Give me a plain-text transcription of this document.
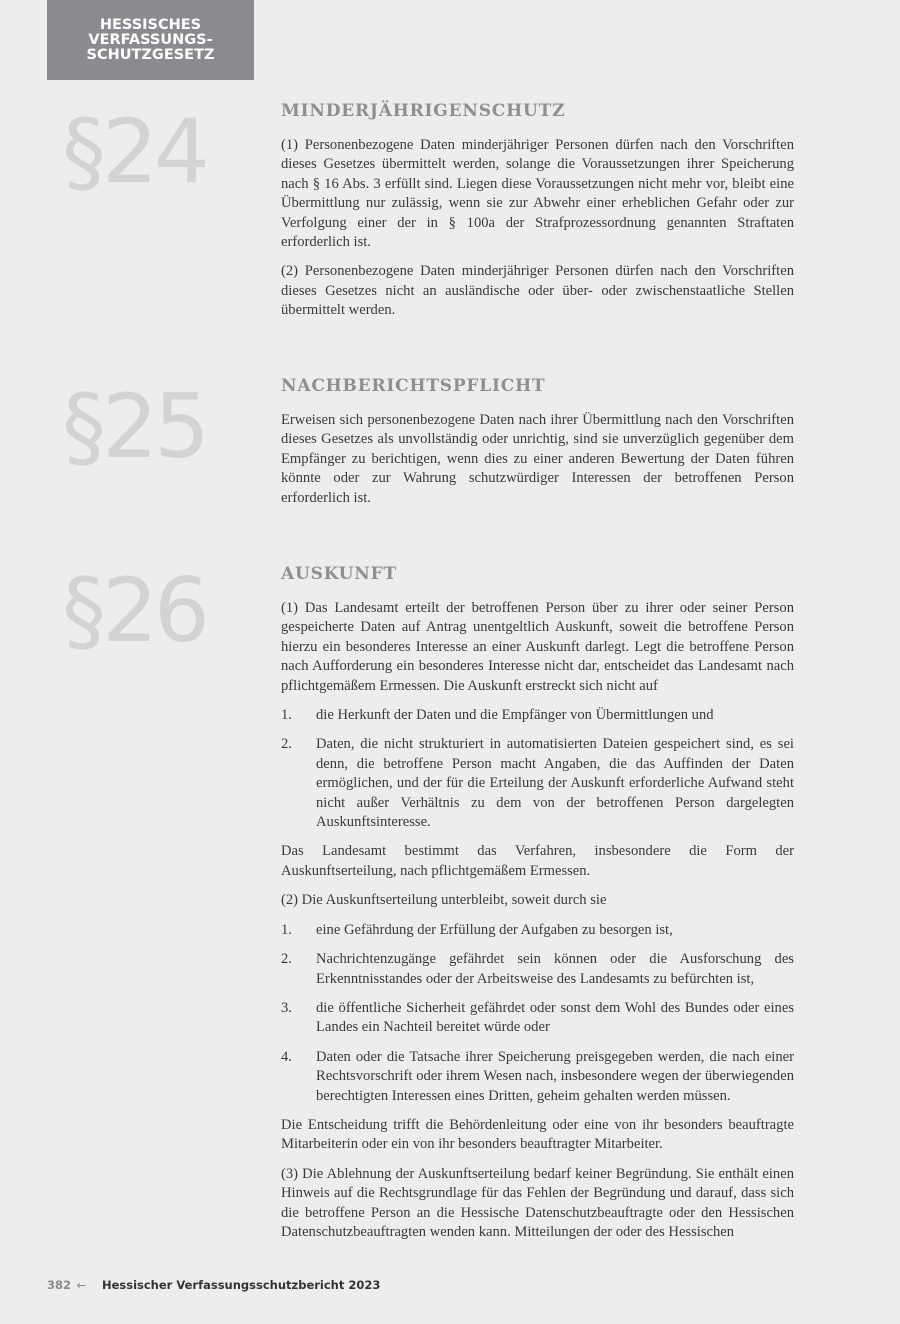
HESSISCHES
VERFASSUNGS-
SCHUTZGESETZ
§24	MINDERJÄHRIGENSCHUTZ

(1) Personenbezogene Daten minderjähriger Personen dürfen nach den Vorschriften dieses Gesetzes übermittelt werden, solange die Voraussetzungen ihrer Speicherung nach § 16 Abs. 3 erfüllt sind. Liegen diese Voraussetzungen nicht mehr vor, bleibt eine Übermittlung nur zulässig, wenn sie zur Abwehr einer erheblichen Gefahr oder zur Verfolgung einer der in § 100a der Strafprozessordnung genannten Straftaten erforderlich ist.

(2) Personenbezogene Daten minderjähriger Personen dürfen nach den Vorschriften dieses Gesetzes nicht an ausländische oder über- oder zwischenstaatliche Stellen übermittelt werden.

§25	NACHBERICHTSPFLICHT

Erweisen sich personenbezogene Daten nach ihrer Übermittlung nach den Vorschriften dieses Gesetzes als unvollständig oder unrichtig, sind sie unverzüglich gegenüber dem Empfänger zu berichtigen, wenn dies zu einer anderen Bewertung der Daten führen könnte oder zur Wahrung schutzwürdiger Interessen der betroffenen Person erforderlich ist.

§26	AUSKUNFT

(1) Das Landesamt erteilt der betroffenen Person über zu ihrer oder seiner Person gespeicherte Daten auf Antrag unentgeltlich Auskunft, soweit die betroffene Person hierzu ein besonderes Interesse an einer Auskunft darlegt. Legt die betroffene Person nach Aufforderung ein besonderes Interesse nicht dar, entscheidet das Landesamt nach pflichtgemäßem Ermessen. Die Auskunft erstreckt sich nicht auf

1.	die Herkunft der Daten und die Empfänger von Übermittlungen und
2.	Daten, die nicht strukturiert in automatisierten Dateien gespeichert sind, es sei denn, die betroffene Person macht Angaben, die das Auffinden der Daten ermöglichen, und der für die Erteilung der Auskunft erforderliche Aufwand steht nicht außer Verhältnis zu dem von der betroffenen Person dargelegten Auskunftsinteresse.

Das Landesamt bestimmt das Verfahren, insbesondere die Form der Auskunftserteilung, nach pflichtgemäßem Ermessen.

(2) Die Auskunftserteilung unterbleibt, soweit durch sie

1.	eine Gefährdung der Erfüllung der Aufgaben zu besorgen ist,
2.	Nachrichtenzugänge gefährdet sein können oder die Ausforschung des Erkenntnisstandes oder der Arbeitsweise des Landesamts zu befürchten ist,
3.	die öffentliche Sicherheit gefährdet oder sonst dem Wohl des Bundes oder eines Landes ein Nachteil bereitet würde oder
4.	Daten oder die Tatsache ihrer Speicherung preisgegeben werden, die nach einer Rechtsvorschrift oder ihrem Wesen nach, insbesondere wegen der überwiegenden berechtigten Interessen eines Dritten, geheim gehalten werden müssen.

Die Entscheidung trifft die Behördenleitung oder eine von ihr besonders beauftragte Mitarbeiterin oder ein von ihr besonders beauftragter Mitarbeiter.

(3) Die Ablehnung der Auskunftserteilung bedarf keiner Begründung. Sie enthält einen Hinweis auf die Rechtsgrundlage für das Fehlen der Begründung und darauf, dass sich die betroffene Person an die Hessische Datenschutzbeauftragte oder den Hessischen Datenschutzbeauftragten wenden kann. Mitteilungen der oder des Hessischen

382 ← Hessischer Verfassungsschutzbericht 2023
